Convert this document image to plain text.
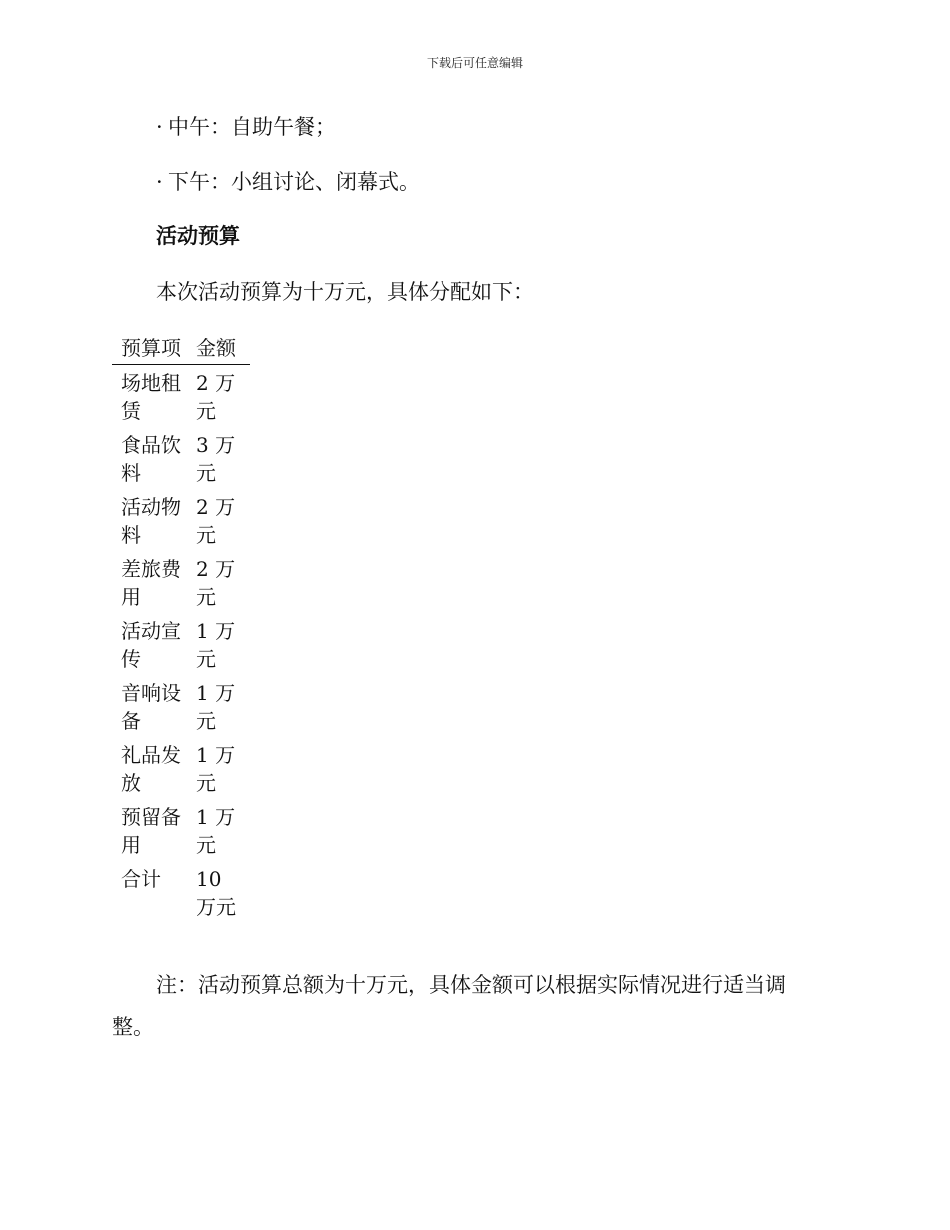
下载后可任意编辑
· 中午：自助午餐；
· 下午：小组讨论、闭幕式。
活动预算
本次活动预算为十万元，具体分配如下：
预算项	金额
场地租赁	2 万元
食品饮料	3 万元
活动物料	2 万元
差旅费用	2 万元
活动宣传	1 万元
音响设备	1 万元
礼品发放	1 万元
预留备用	1 万元
合计	10 万元
注：活动预算总额为十万元，具体金额可以根据实际情况进行适当调整。
